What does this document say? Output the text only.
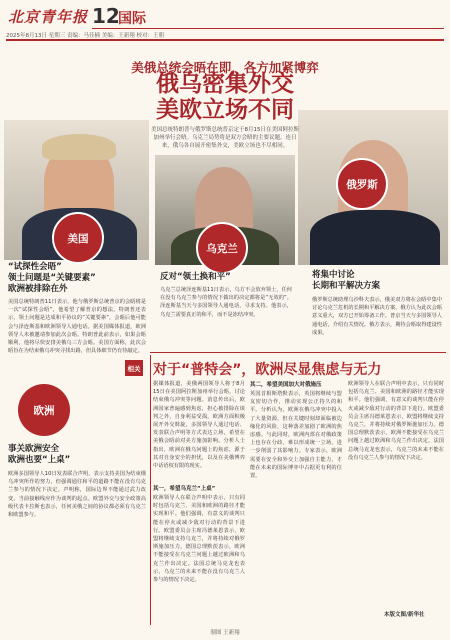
北京青年报 12
国际
2025年8月13日 星期三 责编：马佳楠 美编：王新翔 校对：王朝
美俄总统会晤在即，各方加紧博弈
俄乌密集外交
美欧立场不同
美国总统特朗普与俄罗斯总统普京定于8月15日在美国阿拉斯加州举行会晤。乌克兰局势将是双方会晤的主要议题。连日来，俄乌各自展开密集外交，美欧立场也不尽相同。
美国
乌克兰
俄罗斯
“试探性会晤”
领土问题是“关键要素”
欧洲被排除在外
美国总统特朗普11日表示，他与俄罗斯总统普京的会晤将是一次“试探性会晤”，他希望了解普京的想法。特朗普还表示，领土问题是达成和平协议的“关键要素”，会晤后他可能会与泽连斯基和欧洲领导人通电话。据美国媒体报道，欧洲领导人未被邀请参加此次会晤。特朗普此前表示，如果会晤顺利，他将尽快安排美俄乌三方会晤。美国方面称，此次会晤旨在为结束俄乌冲突寻找出路，但具体细节仍有待敲定。
反对“领土换和平”
乌克兰总统泽连斯基11日表示，乌方不会放弃领土，任何在没有乌克兰参与的情况下做出的决定都将是“无效的”。泽连斯基当天与多国领导人通电话，寻求支持。他表示，乌克兰需要真正的和平，而不是冻结冲突。
将集中讨论
长期和平解决方案
俄罗斯总统助理乌沙科夫表示，俄美双方将在会晤中集中讨论乌克兰危机的长期和平解决方案。俄方认为此次会晤意义重大，双方已开始筹备工作。普京当天与多国领导人通电话，介绍有关情况。俄方表示，期待会晤取得建设性成果。
欧洲
事关欧洲安全
欧洲也要“上桌”
欧洲多国领导人10日发表联合声明，表示支持美国为结束俄乌冲突所作的努力，但强调通往和平的道路不能在没有乌克兰参与的情况下决定。声明称，国际边界不能通过武力改变，当前接触线应作为谈判的起点。欧盟外交与安全政策高级代表卡拉斯也表示，任何美俄之间的协议都必须有乌克兰和欧盟参与。
相关 对于“普特会”，欧洲尽显焦虑与无力
据媒体报道，美俄两国领导人将于8月15日在美国阿拉斯加州举行会晤，讨论结束俄乌冲突等问题。消息传出后，欧洲国家普遍感到焦虑，担心被排除在谈判之外，自身利益受损。欧洲方面积极展开外交斡旋，多国领导人通过电话、发表联合声明等方式表达立场，希望在美俄会晤前对美方施加影响。分析人士指出，欧洲在俄乌问题上的焦虑，源于其对自身安全的担忧，以及在美俄博弈中话语权有限的现实。
其一，希望乌克兰“上桌”
欧洲领导人在联合声明中表示，只有同时包括乌克兰、美国和欧洲的路径才能实现和平。他们强调，有意义的谈判只能在停火或减少敌对行动的背景下进行。欧盟委员会主席冯德莱恩表示，欧盟将继续支持乌克兰，并将持续对俄罗斯施加压力。德国总理默茨表示，欧洲不能接受在乌克兰问题上越过欧洲和乌克兰作出决定。法国总统马克龙也表示，乌克兰的未来不能在没有乌克兰人参与的情况下决定。
其二，希望美国加大对俄施压
英国首相斯塔默表示，英国将继续与盟友密切合作，推动实现公正持久的和平。分析认为，欧洲在俄乌冲突中投入了大量资源，但在关键时刻却面临被边缘化的风险，这种落差加剧了欧洲的焦虑感。与此同时，欧洲内部在对俄政策上也存在分歧，难以形成统一立场，进一步削弱了其影响力。专家表示，欧洲需要在安全和外交上加强自主能力，才能在未来的国际博弈中占据更有利的位置。
欧洲领导人在联合声明中表示，只有同时包括乌克兰、美国和欧洲的路径才能实现和平。他们强调，有意义的谈判只能在停火或减少敌对行动的背景下进行。欧盟委员会主席冯德莱恩表示，欧盟将继续支持乌克兰，并将持续对俄罗斯施加压力。德国总理默茨表示，欧洲不能接受在乌克兰问题上越过欧洲和乌克兰作出决定。法国总统马克龙也表示，乌克兰的未来不能在没有乌克兰人参与的情况下决定。
本版文图/新华社
制图 王新翔
